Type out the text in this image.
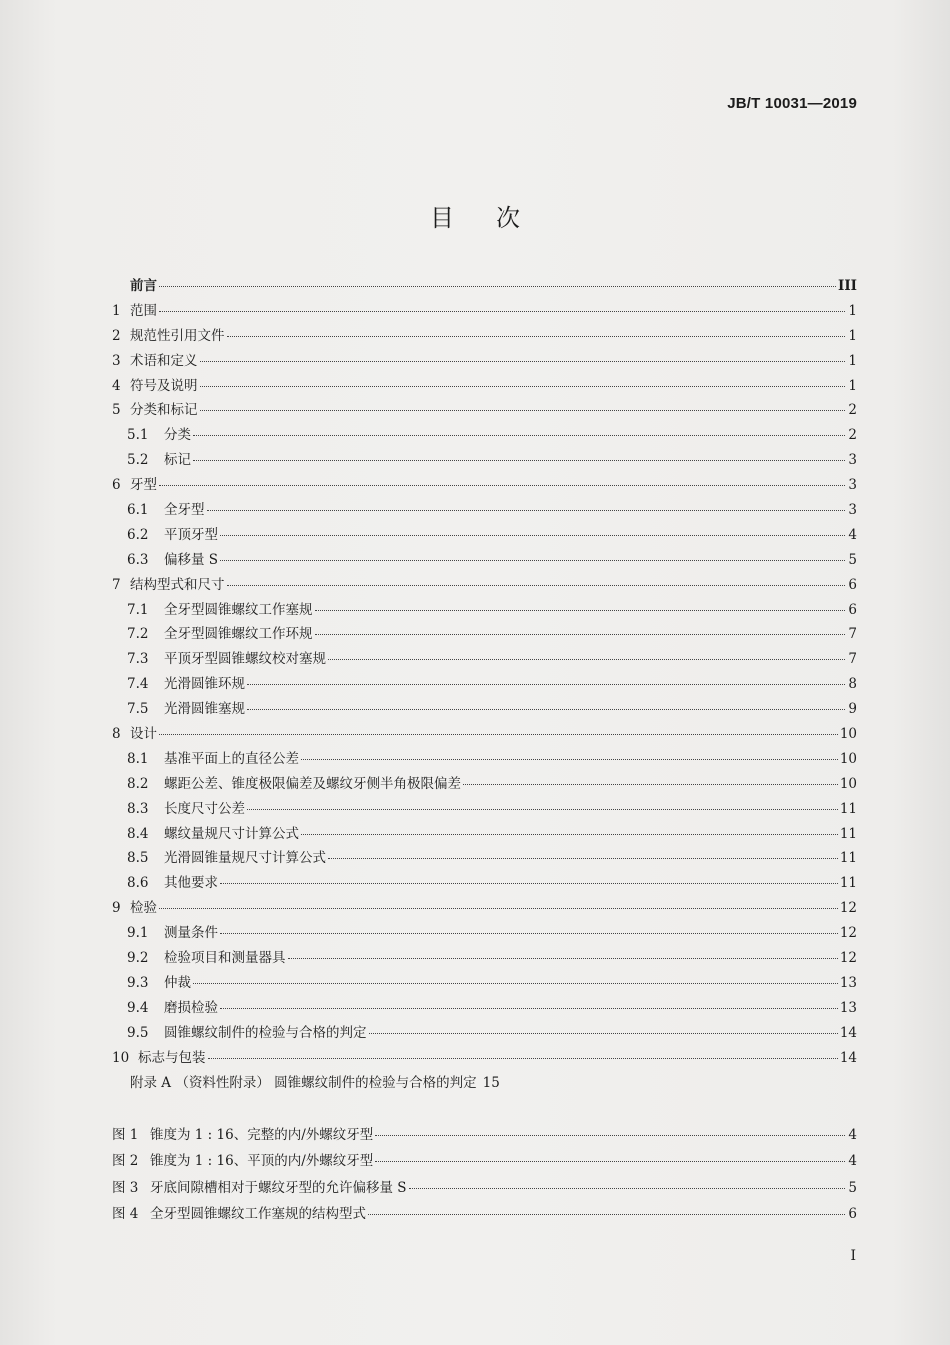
JB/T 10031—2019
目次
前言	III
1 范围	1
2 规范性引用文件	1
3 术语和定义	1
4 符号及说明	1
5 分类和标记	2
5.1	分类	2
5.2	标记	3
6 牙型	3
6.1	全牙型	3
6.2	平顶牙型	4
6.3	偏移量 S	5
7 结构型式和尺寸	6
7.1	全牙型圆锥螺纹工作塞规	6
7.2	全牙型圆锥螺纹工作环规	7
7.3	平顶牙型圆锥螺纹校对塞规	7
7.4	光滑圆锥环规	8
7.5	光滑圆锥塞规	9
8 设计	10
8.1	基准平面上的直径公差	10
8.2	螺距公差、锥度极限偏差及螺纹牙侧半角极限偏差	10
8.3	长度尺寸公差	11
8.4	螺纹量规尺寸计算公式	11
8.5	光滑圆锥量规尺寸计算公式	11
8.6	其他要求	11
9 检验	12
9.1	测量条件	12
9.2	检验项目和测量器具	12
9.3	仲裁	13
9.4	磨损检验	13
9.5	圆锥螺纹制件的检验与合格的判定	14
10 标志与包装	14
附录 A （资料性附录） 圆锥螺纹制件的检验与合格的判定 15
图 1 锥度为 1 : 16、完整的内/外螺纹牙型	4
图 2 锥度为 1 : 16、平顶的内/外螺纹牙型	4
图 3 牙底间隙槽相对于螺纹牙型的允许偏移量 S	5
图 4 全牙型圆锥螺纹工作塞规的结构型式	6
I
